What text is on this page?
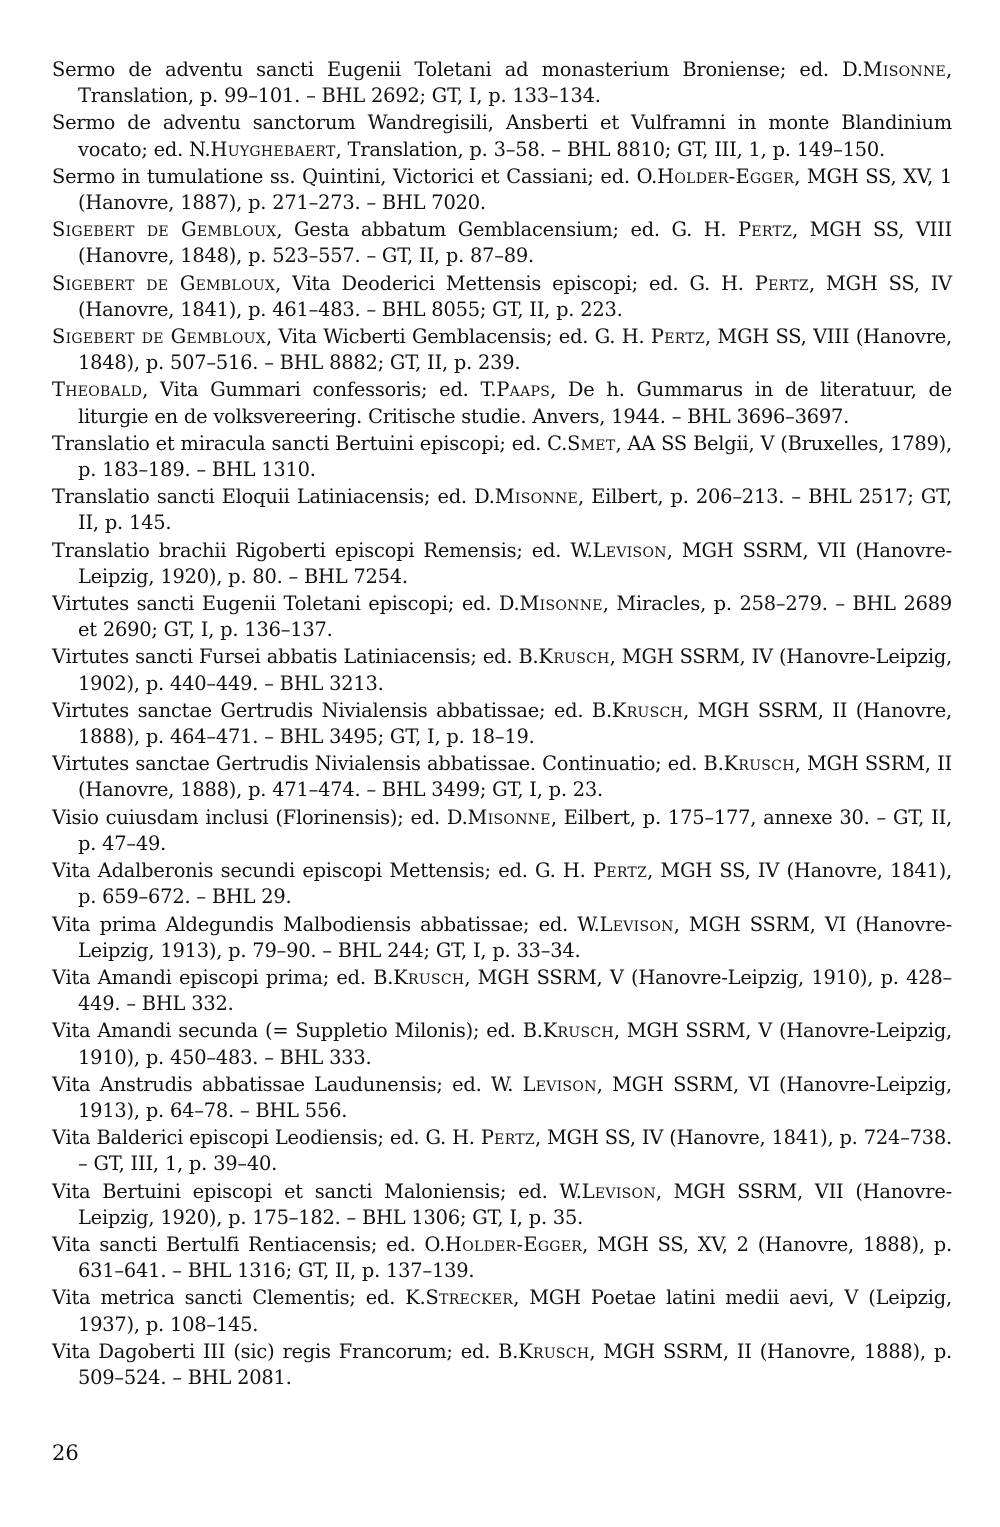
Sermo de adventu sancti Eugenii Toletani ad monasterium Broniense; ed. D.Misonne, Translation, p. 99–101. – BHL 2692; GT, I, p. 133–134.
Sermo de adventu sanctorum Wandregisili, Ansberti et Vulframni in monte Blandinium vocato; ed. N.Huyghebaert, Translation, p. 3–58. – BHL 8810; GT, III, 1, p. 149–150.
Sermo in tumulatione ss. Quintini, Victorici et Cassiani; ed. O.Holder-Egger, MGH SS, XV, 1 (Hanovre, 1887), p. 271–273. – BHL 7020.
Sigebert de Gembloux, Gesta abbatum Gemblacensium; ed. G. H. Pertz, MGH SS, VIII (Hanovre, 1848), p. 523–557. – GT, II, p. 87–89.
Sigebert de Gembloux, Vita Deoderici Mettensis episcopi; ed. G. H. Pertz, MGH SS, IV (Hanovre, 1841), p. 461–483. – BHL 8055; GT, II, p. 223.
Sigebert de Gembloux, Vita Wicberti Gemblacensis; ed. G. H. Pertz, MGH SS, VIII (Hanovre, 1848), p. 507–516. – BHL 8882; GT, II, p. 239.
Theobald, Vita Gummari confessoris; ed. T.Paaps, De h. Gummarus in de literatuur, de liturgie en de volksvereering. Critische studie. Anvers, 1944. – BHL 3696–3697.
Translatio et miracula sancti Bertuini episcopi; ed. C.Smet, AA SS Belgii, V (Bruxelles, 1789), p. 183–189. – BHL 1310.
Translatio sancti Eloquii Latiniacensis; ed. D.Misonne, Eilbert, p. 206–213. – BHL 2517; GT, II, p. 145.
Translatio brachii Rigoberti episcopi Remensis; ed. W.Levison, MGH SSRM, VII (Hanovre-Leipzig, 1920), p. 80. – BHL 7254.
Virtutes sancti Eugenii Toletani episcopi; ed. D.Misonne, Miracles, p. 258–279. – BHL 2689 et 2690; GT, I, p. 136–137.
Virtutes sancti Fursei abbatis Latiniacensis; ed. B.Krusch, MGH SSRM, IV (Hanovre-Leipzig, 1902), p. 440–449. – BHL 3213.
Virtutes sanctae Gertrudis Nivialensis abbatissae; ed. B.Krusch, MGH SSRM, II (Hanovre, 1888), p. 464–471. – BHL 3495; GT, I, p. 18–19.
Virtutes sanctae Gertrudis Nivialensis abbatissae. Continuatio; ed. B.Krusch, MGH SSRM, II (Hanovre, 1888), p. 471–474. – BHL 3499; GT, I, p. 23.
Visio cuiusdam inclusi (Florinensis); ed. D.Misonne, Eilbert, p. 175–177, annexe 30. – GT, II, p. 47–49.
Vita Adalberonis secundi episcopi Mettensis; ed. G. H. Pertz, MGH SS, IV (Hanovre, 1841), p. 659–672. – BHL 29.
Vita prima Aldegundis Malbodiensis abbatissae; ed. W.Levison, MGH SSRM, VI (Hanovre-Leipzig, 1913), p. 79–90. – BHL 244; GT, I, p. 33–34.
Vita Amandi episcopi prima; ed. B.Krusch, MGH SSRM, V (Hanovre-Leipzig, 1910), p. 428–449. – BHL 332.
Vita Amandi secunda (= Suppletio Milonis); ed. B.Krusch, MGH SSRM, V (Hanovre-Leipzig, 1910), p. 450–483. – BHL 333.
Vita Anstrudis abbatissae Laudunensis; ed. W. Levison, MGH SSRM, VI (Hanovre-Leipzig, 1913), p. 64–78. – BHL 556.
Vita Balderici episcopi Leodiensis; ed. G. H. Pertz, MGH SS, IV (Hanovre, 1841), p. 724–738. – GT, III, 1, p. 39–40.
Vita Bertuini episcopi et sancti Maloniensis; ed. W.Levison, MGH SSRM, VII (Hanovre-Leipzig, 1920), p. 175–182. – BHL 1306; GT, I, p. 35.
Vita sancti Bertulfi Rentiacensis; ed. O.Holder-Egger, MGH SS, XV, 2 (Hanovre, 1888), p. 631–641. – BHL 1316; GT, II, p. 137–139.
Vita metrica sancti Clementis; ed. K.Strecker, MGH Poetae latini medii aevi, V (Leipzig, 1937), p. 108–145.
Vita Dagoberti III (sic) regis Francorum; ed. B.Krusch, MGH SSRM, II (Hanovre, 1888), p. 509–524. – BHL 2081.
26
